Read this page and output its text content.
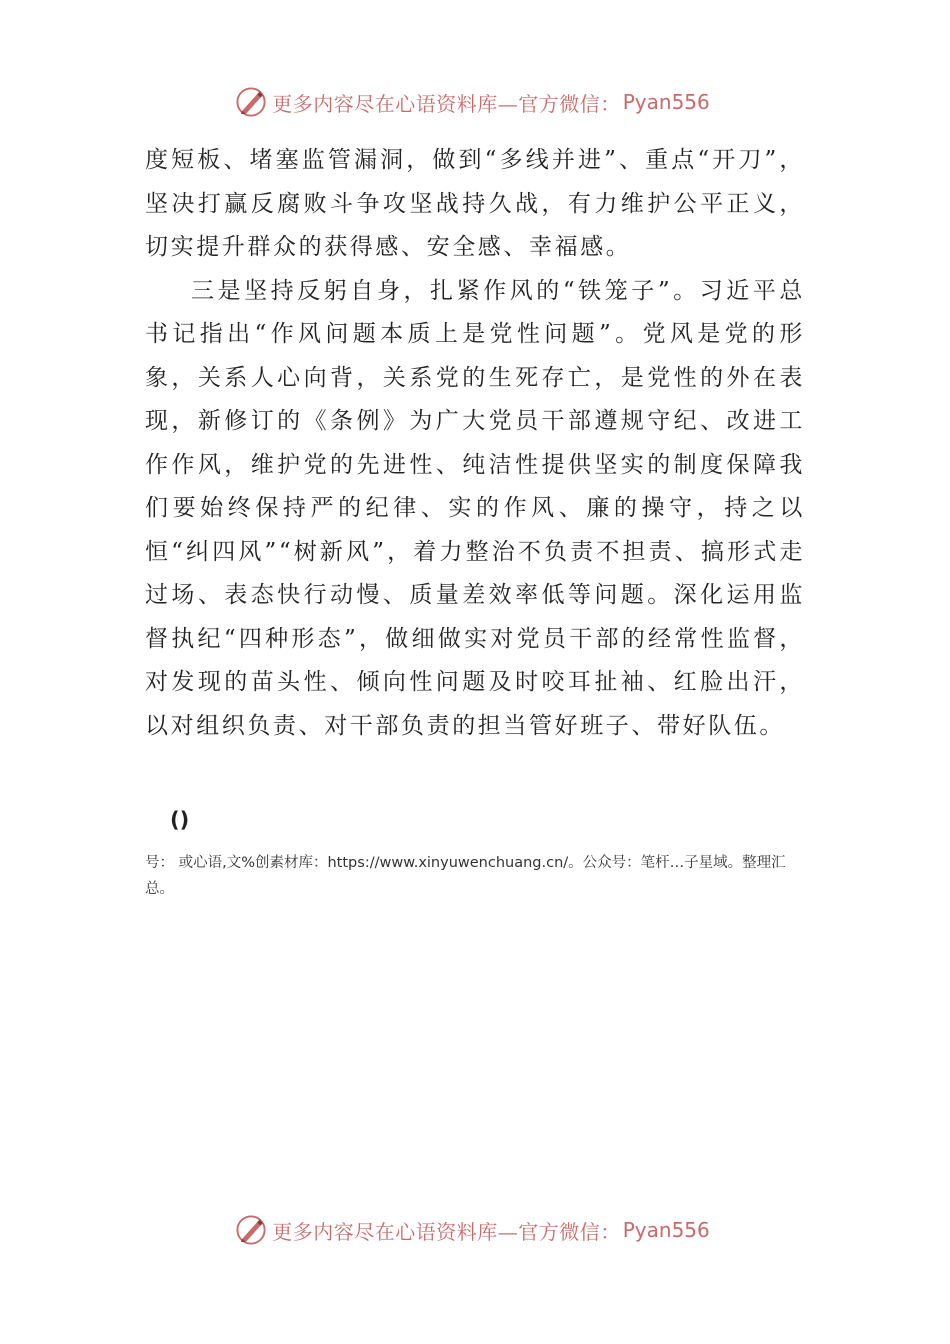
更多内容尽在心语资料库—官方微信： Pyan556

度短板、堵塞监管漏洞，做到“多线并进”、重点“开刀”，坚决打赢反腐败斗争攻坚战持久战，有力维护公平正义，切实提升群众的获得感、安全感、幸福感。

三是坚持反躬自身，扎紧作风的“铁笼子”。习近平总书记指出“作风问题本质上是党性问题”。党风是党的形象，关系人心向背，关系党的生死存亡，是党性的外在表现，新修订的《条例》为广大党员干部遵规守纪、改进工作作风，维护党的先进性、纯洁性提供坚实的制度保障我们要始终保持严的纪律、实的作风、廉的操守，持之以恒“纠四风”“树新风”，着力整治不负责不担责、搞形式走过场、表态快行动慢、质量差效率低等问题。深化运用监督执纪“四种形态”，做细做实对党员干部的经常性监督，对发现的苗头性、倾向性问题及时咬耳扯袖、红脸出汗，以对组织负责、对干部负责的担当管好班子、带好队伍。

()
号： 或心语,文%创素材库：https://www.xinyuwenchuang.cn/。公众号：笔杆…子星域。整理汇总。
更多内容尽在心语资料库—官方微信： Pyan556
